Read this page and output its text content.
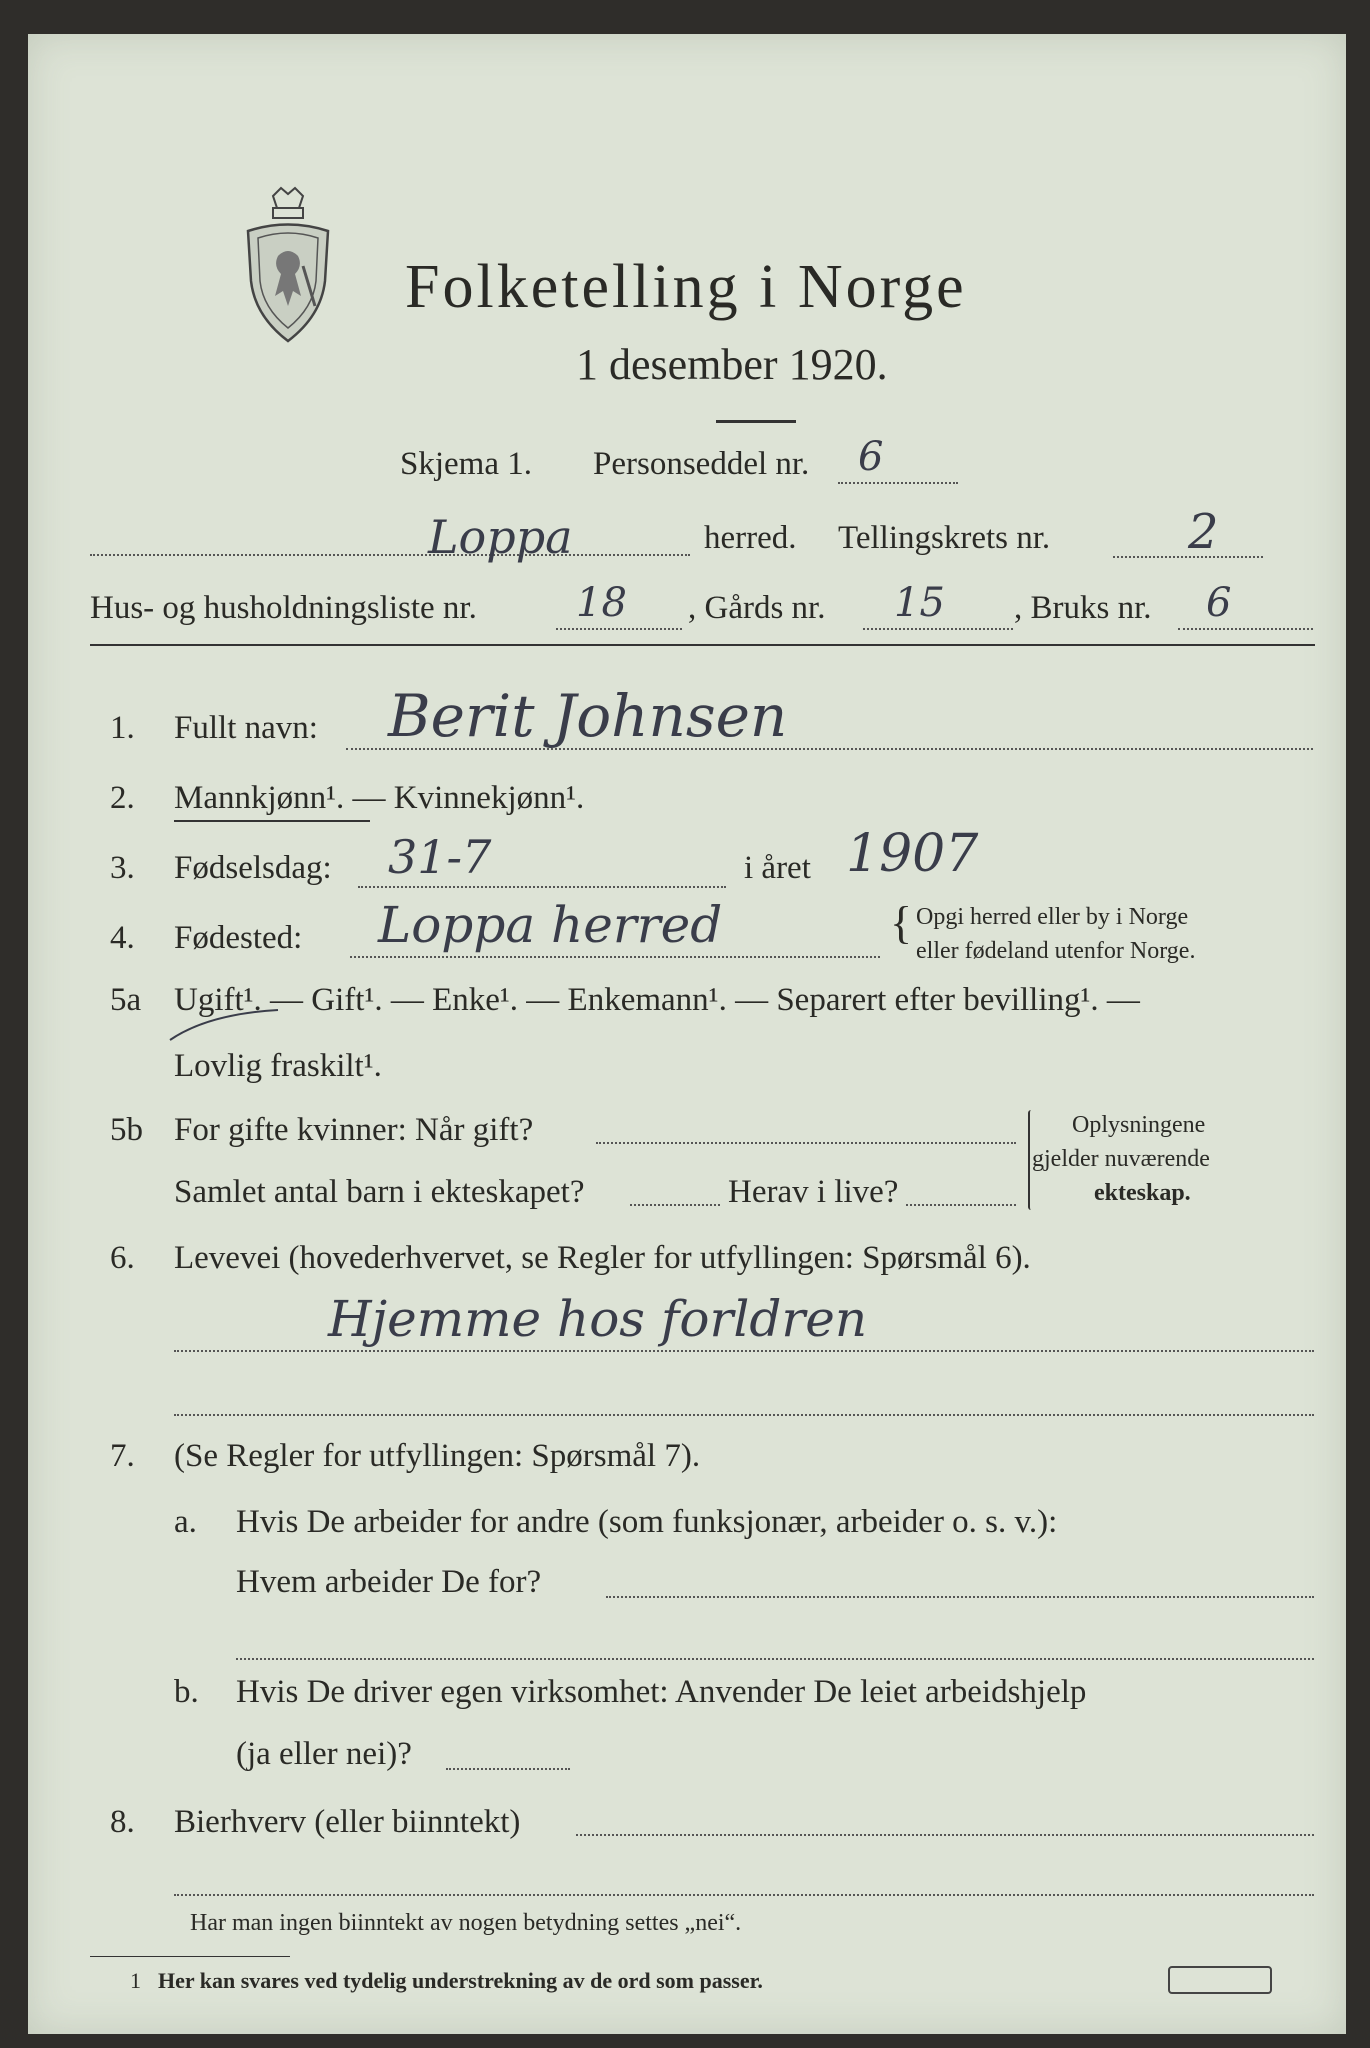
Folketelling i Norge
1 desember 1920.
Skjema 1. Personseddel nr. 6
Loppa	herred. Tellingskrets nr.	2
Hus- og husholdningsliste nr. 18 , Gårds nr. 15 , Bruks nr. 6
1. Fullt navn: Berit Johnsen
2. Mannkjønn¹. — Kvinnekjønn¹.
3. Fødselsdag: 31-7	i året 1907
4. Fødested: Loppa herred	{ Opgi herred eller by i Norge
eller fødeland utenfor Norge.
5a Ugift¹. — Gift¹. — Enke¹. — Enkemann¹. — Separert efter bevilling¹. —
Lovlig fraskilt¹.
5b For gifte kvinner: Når gift?
Samlet antal barn i ekteskapet?	Herav i live?
Oplysningene
gjelder nuværende
ekteskap.
6. Levevei (hovederhvervet, se Regler for utfyllingen: Spørsmål 6).
Hjemme hos forldren
7. (Se Regler for utfyllingen: Spørsmål 7).
a. Hvis De arbeider for andre (som funksjonær, arbeider o. s. v.):
Hvem arbeider De for?
b. Hvis De driver egen virksomhet: Anvender De leiet arbeidshjelp
(ja eller nei)?
8. Bierhverv (eller biinntekt)
Har man ingen biinntekt av nogen betydning settes „nei“.
1 Her kan svares ved tydelig understrekning av de ord som passer.
